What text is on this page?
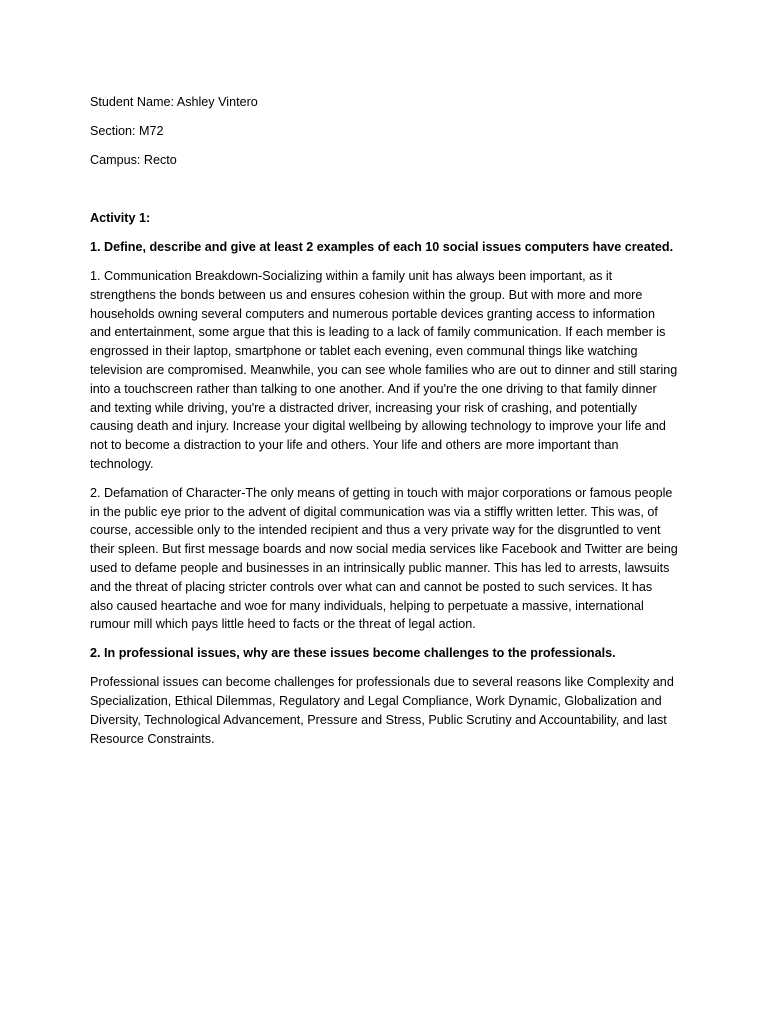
Student Name: Ashley Vintero

Section: M72

Campus: Recto

Activity 1:

1. Define, describe and give at least 2 examples of each 10 social issues computers have created.

1. Communication Breakdown-Socializing within a family unit has always been important, as it strengthens the bonds between us and ensures cohesion within the group. But with more and more households owning several computers and numerous portable devices granting access to information and entertainment, some argue that this is leading to a lack of family communication. If each member is engrossed in their laptop, smartphone or tablet each evening, even communal things like watching television are compromised. Meanwhile, you can see whole families who are out to dinner and still staring into a touchscreen rather than talking to one another. And if you're the one driving to that family dinner and texting while driving, you're a distracted driver, increasing your risk of crashing, and potentially causing death and injury. Increase your digital wellbeing by allowing technology to improve your life and not to become a distraction to your life and others. Your life and others are more important than technology.

2. Defamation of Character-The only means of getting in touch with major corporations or famous people in the public eye prior to the advent of digital communication was via a stiffly written letter. This was, of course, accessible only to the intended recipient and thus a very private way for the disgruntled to vent their spleen. But first message boards and now social media services like Facebook and Twitter are being used to defame people and businesses in an intrinsically public manner. This has led to arrests, lawsuits and the threat of placing stricter controls over what can and cannot be posted to such services. It has also caused heartache and woe for many individuals, helping to perpetuate a massive, international rumour mill which pays little heed to facts or the threat of legal action.

2. In professional issues, why are these issues become challenges to the professionals.

Professional issues can become challenges for professionals due to several reasons like Complexity and Specialization, Ethical Dilemmas, Regulatory and Legal Compliance, Work Dynamic, Globalization and Diversity, Technological Advancement, Pressure and Stress, Public Scrutiny and Accountability, and last Resource Constraints.
